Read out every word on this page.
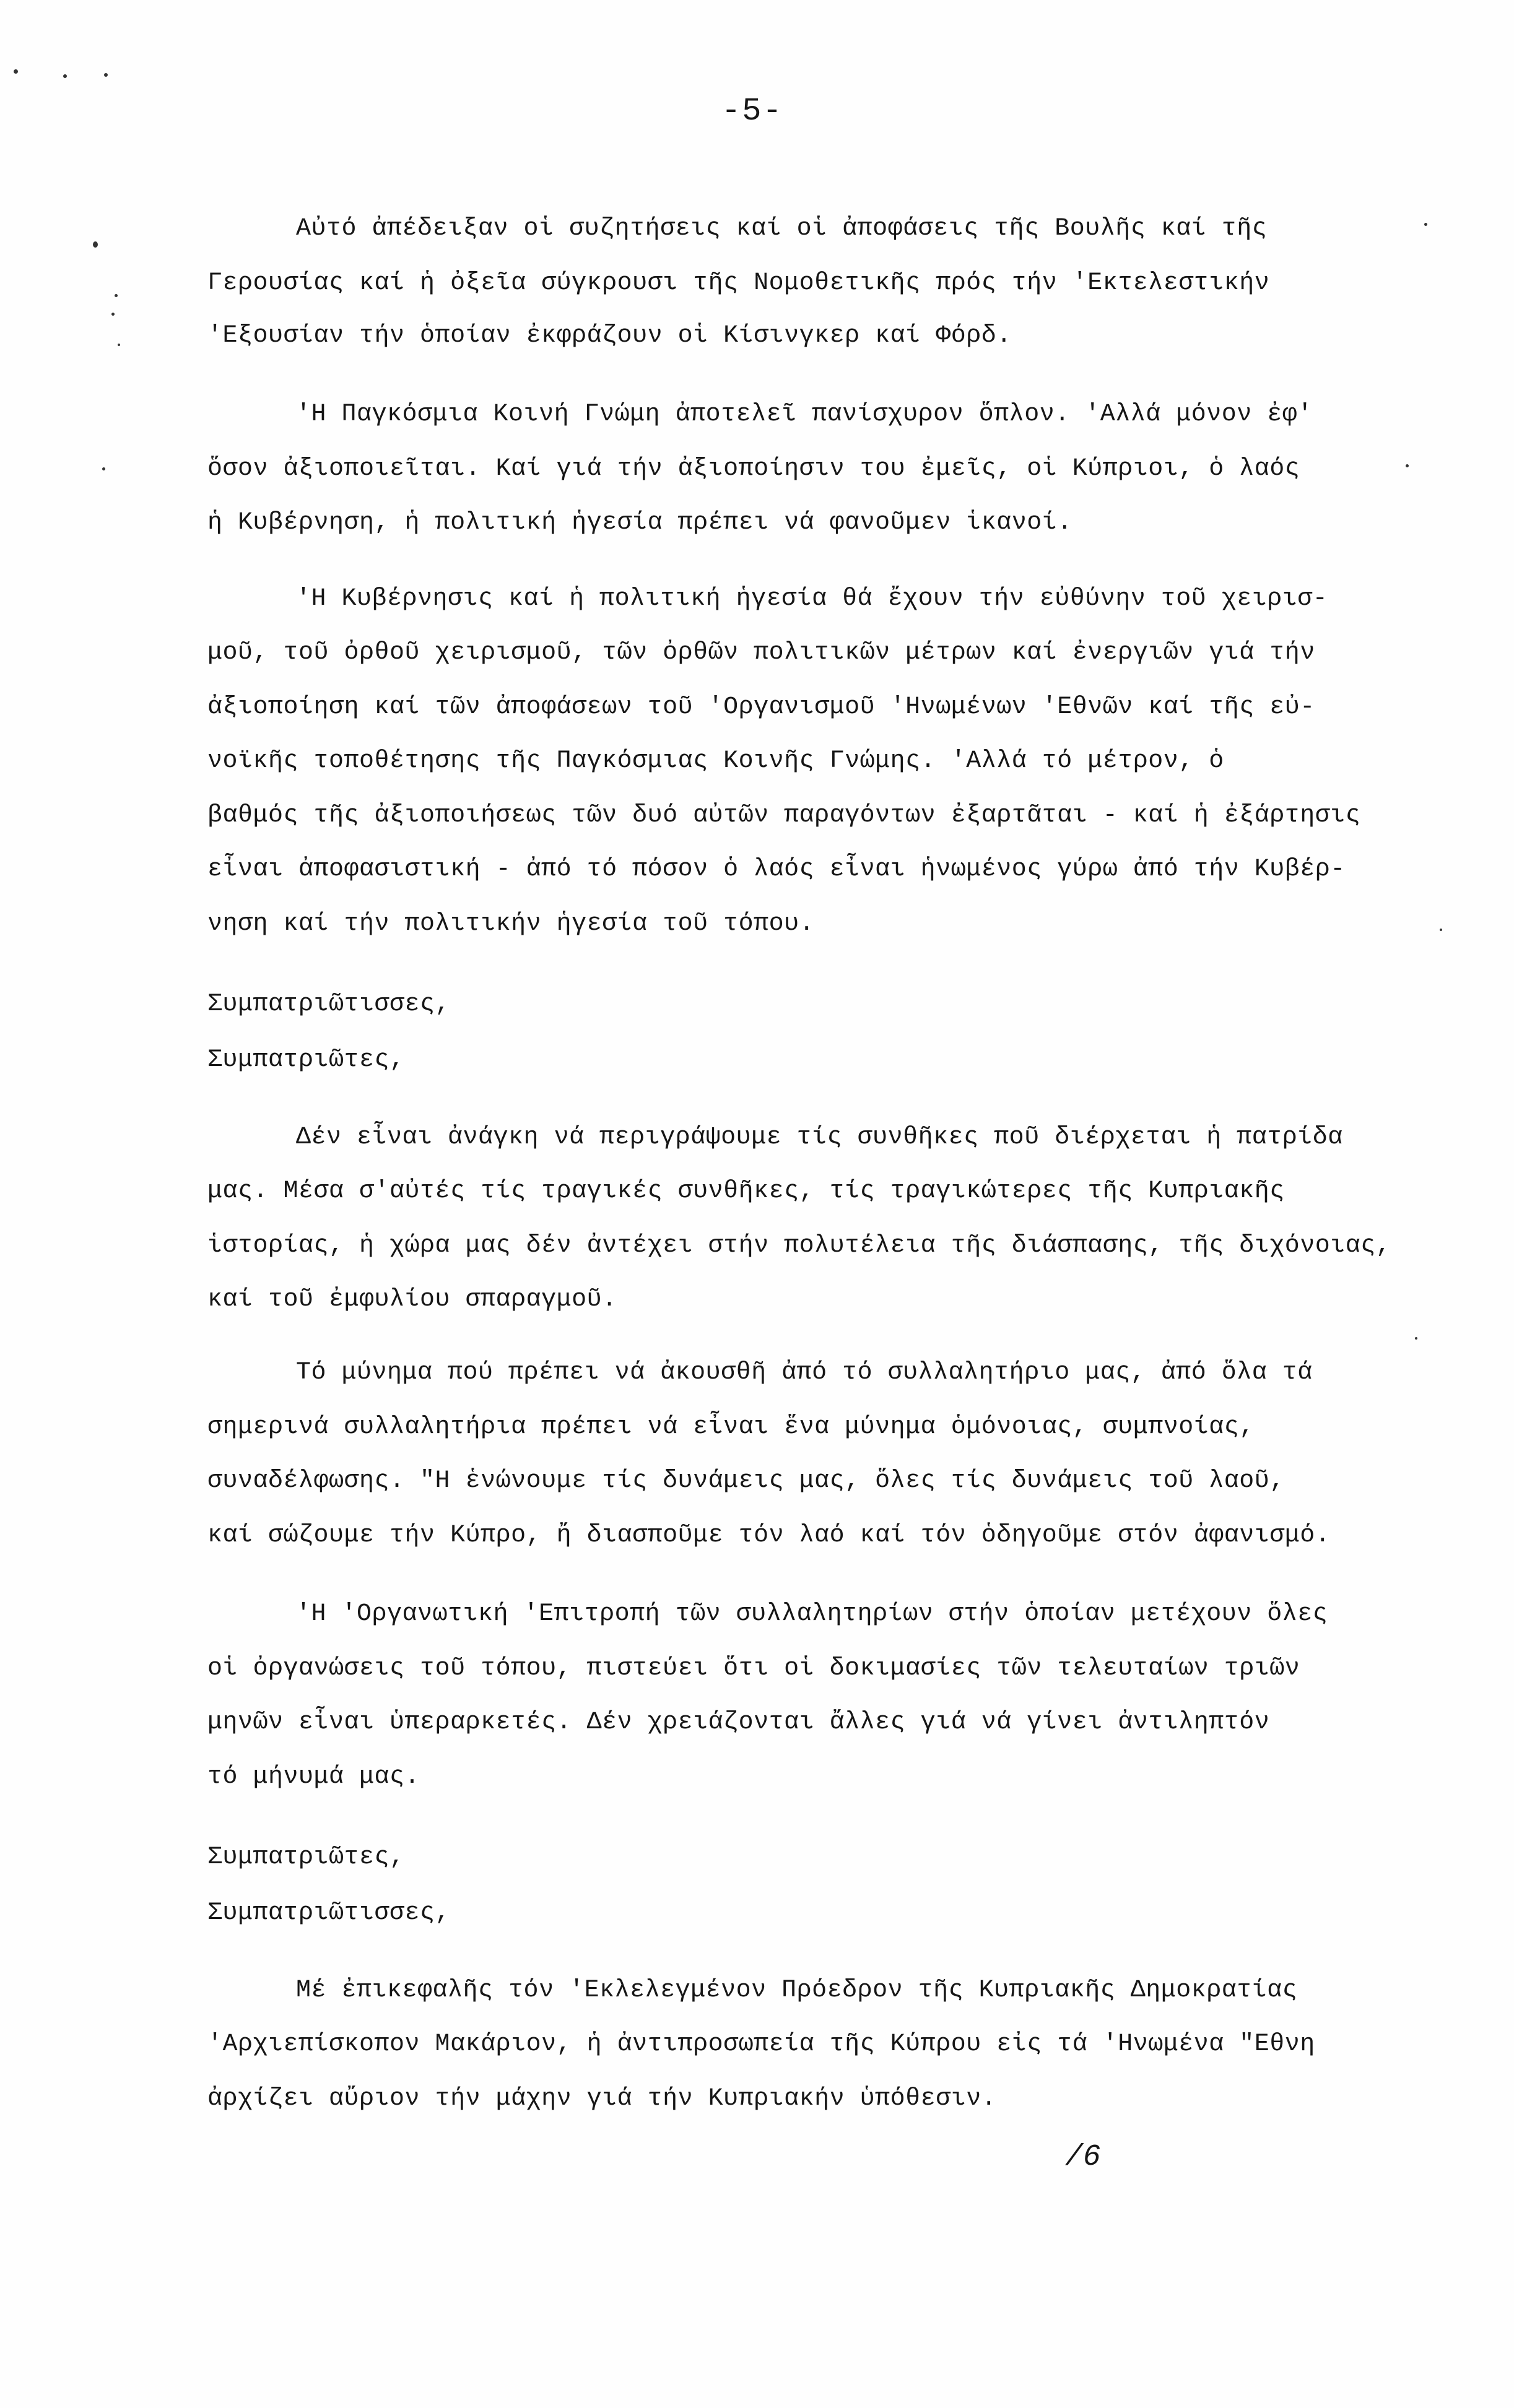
-5-
Αὐτό ἀπέδειξαν οἱ συζητήσεις καί οἱ ἀποφάσεις τῆς Βουλῆς καί τῆς
Γερουσίας καί ἡ ὀξεῖα σύγκρουσι τῆς Νομοθετικῆς πρός τήν 'Εκτελεστικήν
'Εξουσίαν τήν ὁποίαν ἐκφράζουν οἱ Κίσινγκερ καί Φόρδ.
'Η Παγκόσμια Κοινή Γνώμη ἀποτελεῖ πανίσχυρον ὅπλον. 'Αλλά μόνον ἐφ'
ὅσον ἀξιοποιεῖται. Καί γιά τήν ἀξιοποίησιν του ἐμεῖς, οἱ Κύπριοι, ὁ λαός
ἡ Κυβέρνηση, ἡ πολιτική ἡγεσία πρέπει νά φανοῦμεν ἱκανοί.
'Η Κυβέρνησις καί ἡ πολιτική ἡγεσία θά ἔχουν τήν εὐθύνην τοῦ χειρισ-
μοῦ, τοῦ ὀρθοῦ χειρισμοῦ, τῶν ὀρθῶν πολιτικῶν μέτρων καί ἐνεργιῶν γιά τήν
ἀξιοποίηση καί τῶν ἀποφάσεων τοῦ 'Οργανισμοῦ 'Ηνωμένων 'Εθνῶν καί τῆς εὐ-
νοϊκῆς τοποθέτησης τῆς Παγκόσμιας Κοινῆς Γνώμης. 'Αλλά τό μέτρον, ὁ
βαθμός τῆς ἀξιοποιήσεως τῶν δυό αὐτῶν παραγόντων ἐξαρτᾶται - καί ἡ ἐξάρτησις
εἶναι ἀποφασιστική - ἀπό τό πόσον ὁ λαός εἶναι ἡνωμένος γύρω ἀπό τήν Κυβέρ-
νηση καί τήν πολιτικήν ἡγεσία τοῦ τόπου.
Συμπατριῶτισσες,
Συμπατριῶτες,
Δέν εἶναι ἀνάγκη νά περιγράψουμε τίς συνθῆκες ποῦ διέρχεται ἡ πατρίδα
μας. Μέσα σ'αὐτές τίς τραγικές συνθῆκες, τίς τραγικώτερες τῆς Κυπριακῆς
ἱστορίας, ἡ χώρα μας δέν ἀντέχει στήν πολυτέλεια τῆς διάσπασης, τῆς διχόνοιας,
καί τοῦ ἐμφυλίου σπαραγμοῦ.
Τό μύνημα πού πρέπει νά ἀκουσθῆ ἀπό τό συλλαλητήριο μας, ἀπό ὅλα τά
σημερινά συλλαλητήρια πρέπει νά εἶναι ἕνα μύνημα ὁμόνοιας, συμπνοίας,
συναδέλφωσης. "Η ἑνώνουμε τίς δυνάμεις μας, ὅλες τίς δυνάμεις τοῦ λαοῦ,
καί σώζουμε τήν Κύπρο, ἤ διασποῦμε τόν λαό καί τόν ὁδηγοῦμε στόν ἀφανισμό.
'Η 'Οργανωτική 'Επιτροπή τῶν συλλαλητηρίων στήν ὁποίαν μετέχουν ὅλες
οἱ ὀργανώσεις τοῦ τόπου, πιστεύει ὅτι οἱ δοκιμασίες τῶν τελευταίων τριῶν
μηνῶν εἶναι ὑπεραρκετές. Δέν χρειάζονται ἄλλες γιά νά γίνει ἀντιληπτόν
τό μήνυμά μας.
Συμπατριῶτες,
Συμπατριῶτισσες,
Μέ ἐπικεφαλῆς τόν 'Εκλελεγμένον Πρόεδρον τῆς Κυπριακῆς Δημοκρατίας
'Αρχιεπίσκοπον Μακάριον, ἡ ἀντιπροσωπεία τῆς Κύπρου εἰς τά 'Ηνωμένα "Εθνη
ἀρχίζει αὔριον τήν μάχην γιά τήν Κυπριακήν ὑπόθεσιν.
/6
